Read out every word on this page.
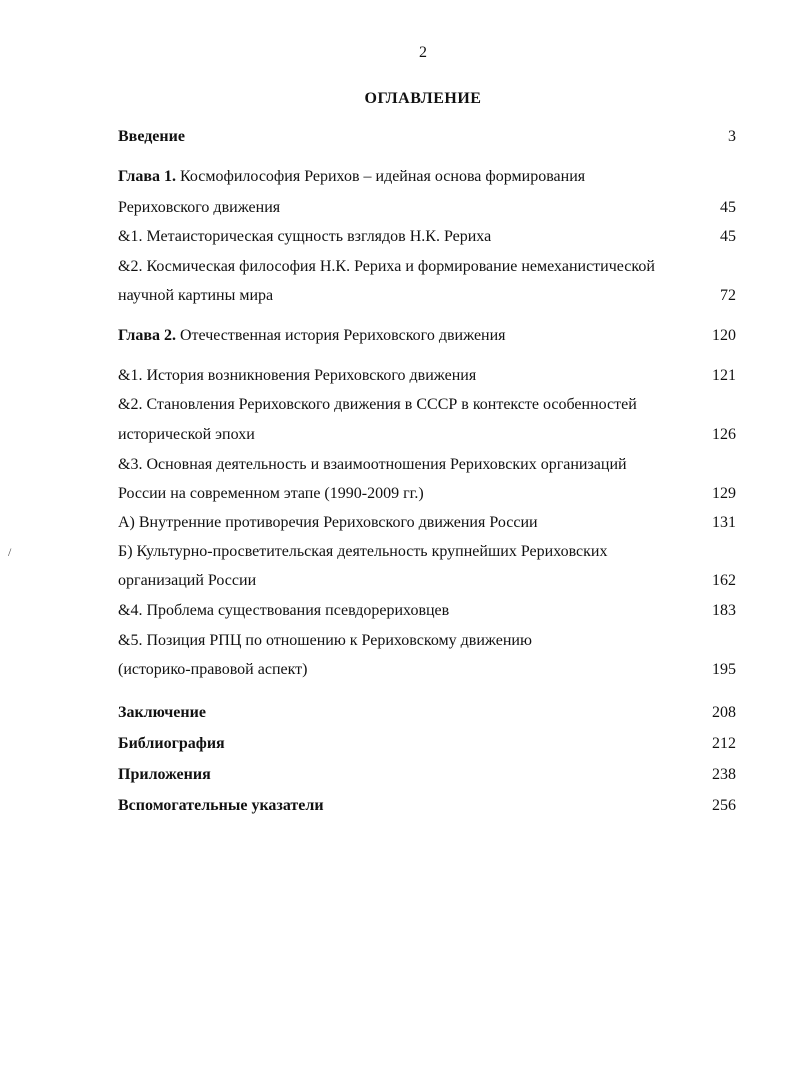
2
ОГЛАВЛЕНИЕ
/
Введение	3
Глава 1. Космофилософия Рерихов – идейная основа формирования
Рериховского движения	45
&1. Метаисторическая сущность взглядов Н.К. Рериха	45
&2. Космическая философия Н.К. Рериха и формирование немеханистической
научной картины мира	72
Глава 2. Отечественная история Рериховского движения	120
&1. История возникновения Рериховского движения	121
&2. Становления Рериховского движения в СССР в контексте особенностей
исторической эпохи	126
&3. Основная деятельность и взаимоотношения Рериховских организаций
России на современном этапе (1990-2009 гг.)	129
А) Внутренние противоречия Рериховского движения России	131
Б) Культурно-просветительская деятельность крупнейших Рериховских
организаций России	162
&4. Проблема существования псевдорериховцев	183
&5. Позиция РПЦ по отношению к Рериховскому движению
(историко-правовой аспект)	195
Заключение	208
Библиография	212
Приложения	238
Вспомогательные указатели	256
